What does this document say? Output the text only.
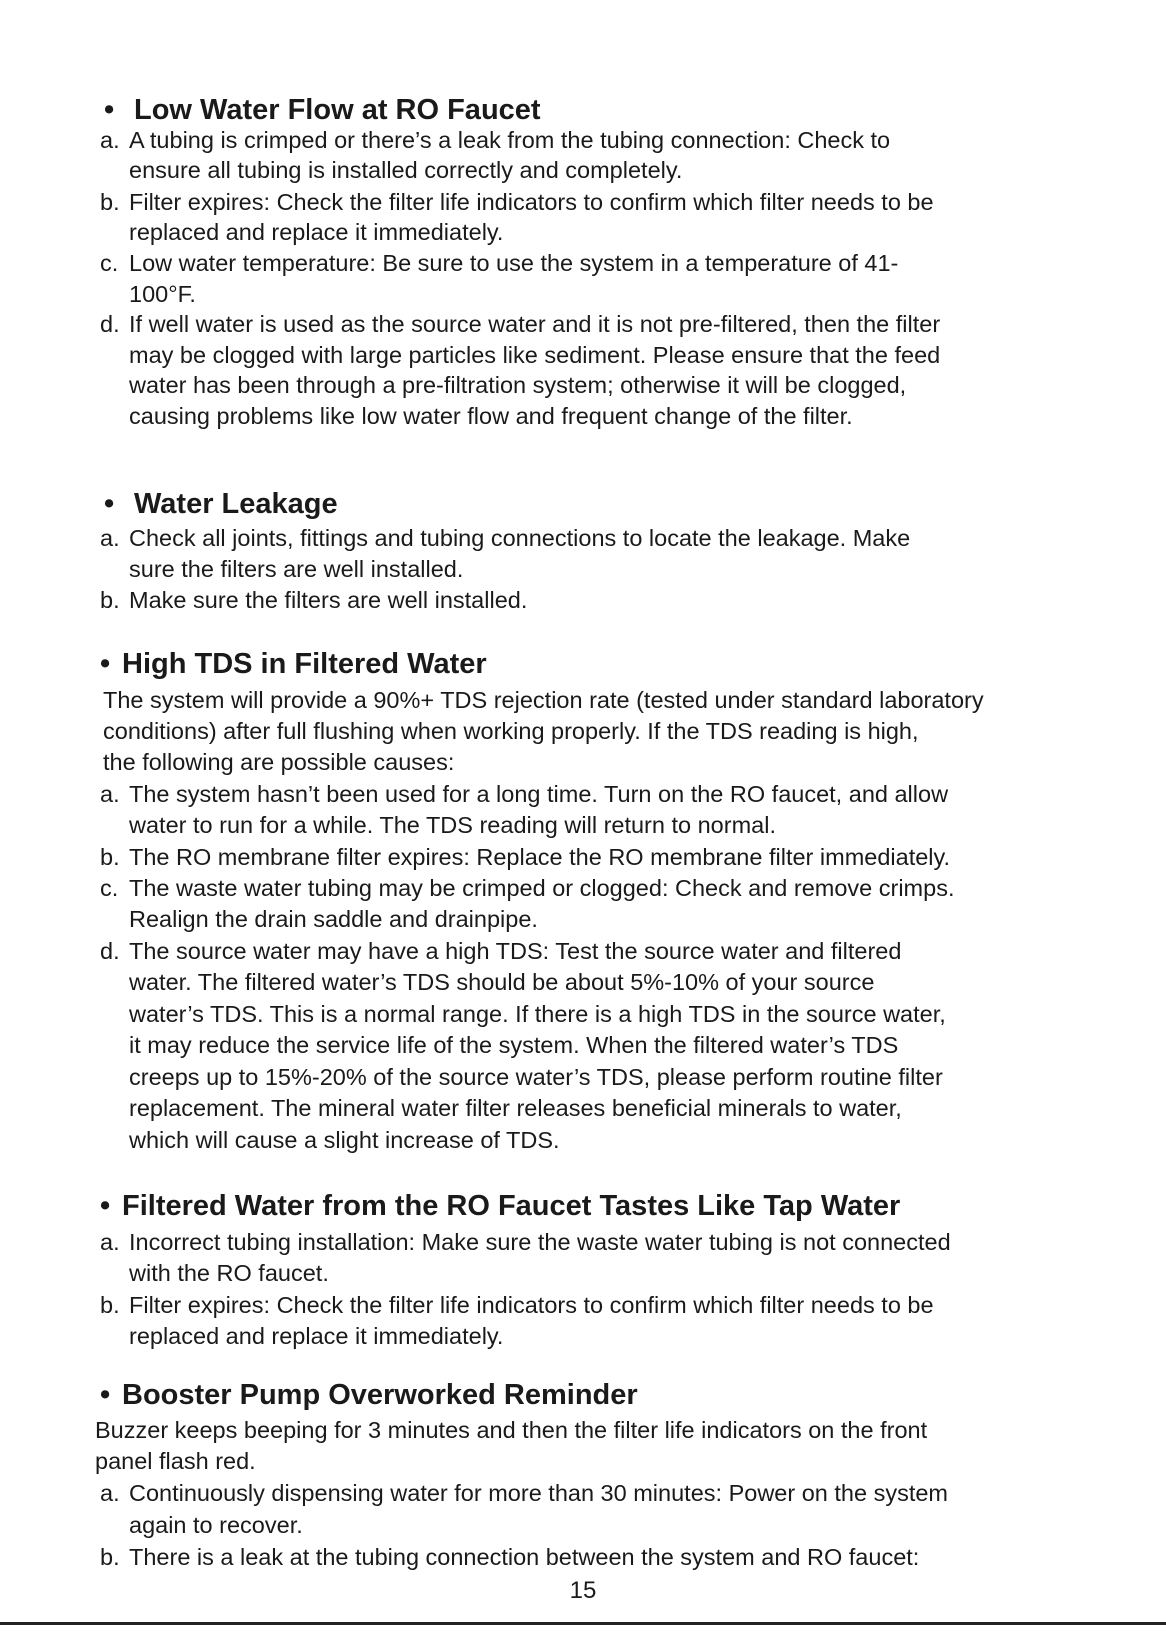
• Low Water Flow at RO Faucet
a. A tubing is crimped or there’s a leak from the tubing connection: Check to
ensure all tubing is installed correctly and completely.
b. Filter expires: Check the filter life indicators to confirm which filter needs to be
replaced and replace it immediately.
c. Low water temperature: Be sure to use the system in a temperature of 41-
100°F.
d. If well water is used as the source water and it is not pre-filtered, then the filter
may be clogged with large particles like sediment. Please ensure that the feed
water has been through a pre-filtration system; otherwise it will be clogged,
causing problems like low water flow and frequent change of the filter.
• Water Leakage
a. Check all joints, fittings and tubing connections to locate the leakage. Make
sure the filters are well installed.
b. Make sure the filters are well installed.
• High TDS in Filtered Water
The system will provide a 90%+ TDS rejection rate (tested under standard laboratory
conditions) after full flushing when working properly. If the TDS reading is high,
the following are possible causes:
a. The system hasn’t been used for a long time. Turn on the RO faucet, and allow
water to run for a while. The TDS reading will return to normal.
b. The RO membrane filter expires: Replace the RO membrane filter immediately.
c. The waste water tubing may be crimped or clogged: Check and remove crimps.
Realign the drain saddle and drainpipe.
d. The source water may have a high TDS: Test the source water and filtered
water. The filtered water’s TDS should be about 5%-10% of your source
water’s TDS. This is a normal range. If there is a high TDS in the source water,
it may reduce the service life of the system. When the filtered water’s TDS
creeps up to 15%-20% of the source water’s TDS, please perform routine filter
replacement. The mineral water filter releases beneficial minerals to water,
which will cause a slight increase of TDS.
• Filtered Water from the RO Faucet Tastes Like Tap Water
a. Incorrect tubing installation: Make sure the waste water tubing is not connected
with the RO faucet.
b. Filter expires: Check the filter life indicators to confirm which filter needs to be
replaced and replace it immediately.
• Booster Pump Overworked Reminder
Buzzer keeps beeping for 3 minutes and then the filter life indicators on the front
panel flash red.
a. Continuously dispensing water for more than 30 minutes: Power on the system
again to recover.
b. There is a leak at the tubing connection between the system and RO faucet:
15
